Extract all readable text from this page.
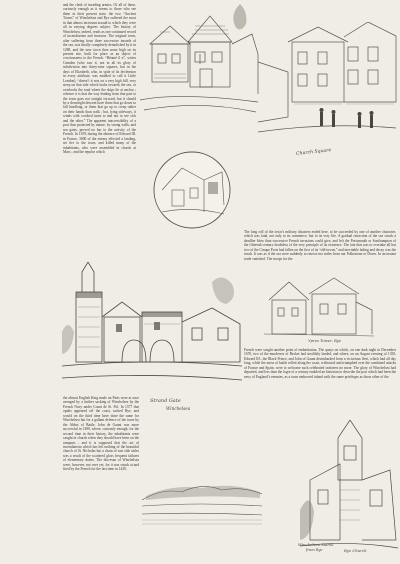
and the clash of invading armies. Of all of these, curiously enough as it seems to those who see them in their present state, the two “Ancient Towns” of Winchelsea and Rye suffered the most in that almost incessant assault to which they were all in varying degrees subject. The history of Winchelsea, indeed, reads as one continued record of incendiarism and invasion. The original town, after suffering from three successive inroads of the sea, was finally completely demolished by it in 1288, and the new town then arose high on its present site, built for place as an object of covetousness to the French. “Bèauté il n”, writes Camden (who saw it, not in all its glory of subdivision into thirty-nine squares, but in the days of Elizabeth, who, in spite of its declension in every attribute, was enabled to call it Little London), “doesn’t it was on a very high hill, very steep on that side which looks towards the sea, or overlooks the road where the ships lie at anchor ; whence it is that the way leading from that part to the town goes not straight forward, but it should by a downright descent have those that go down to fall headlong, or them that go up to creep rather on their hands than walk ; but, lying sideways, it winds with crooked turns to and not to see sick and the other.” The apparent inaccessibility of a post thus protected by nature, by strong walls, and sea gates, proved no bar to the activity of the French. In 1359, during the absence of Edward III. in France, 3000 of the enemy effected a landing, set fire to the town, and killed many of the inhabitants, who were assembled in church at Mass ; and the repulse which	Church Square

The long roll of the town’s military disasters ended here, to be succeeded by one of another character, which was fatal, not only to its commerce, but to its very life. A gradual retraction of the sea struck a deadlier blow than successive French invasions could give, and left the Portsmouth or Southampton of the fifteenth century doubtless of the very principle of its existence. The fate that was to overtake all but two of the Cinque Ports had fallen on the first of its “old-towns,” and inevitable fading and decay was the result. It was as if the sea were suddenly to retreat two miles from our Folkestone or Dover. In an instant trade vanished. The troops for the

Ypres Tower, Rye

French were sought another point of embarkation. The quays on which, on one dark night in December 1670, two of the murderers of Becket had stealthily landed, and where, on an August evening of 1350, Edward III., the Black Prince, and John of Gaunt disembarked from a victorious fleet, which had all day long, while the noise of battle rolled along the coast, withstood and triumphed over the combined attacks of France and Spain, were to welcome such celebrated seafarers no more. The glory of Winchelsea had departed, and less than the logre of a century enabled an historian to describe the port which had been the envy of England’s enemies, as a town embowed inland with the same privileges as those other of the

Strand Gate
Winchelsea

the almost English King made on Paris were at once avenged by a further sacking of Winchelsea by the French Navy under Count de St. Pol. In 1377 that opulis appeared off the coast, sacked Rye, and would on the third time have done the same for Winchelsea but for a gallant defence of the town by the Abbot of Battle. John de Gaunt was more successful in 1380, where, curiously enough, for the second time in their history, the inhabitants were caught in church when they should have been on the ramparts ; and it is supposed that the act of incendiarism which has left nothing of the beautiful church of St. Nicholas but a chain of rust side aisles was a result of the scattered gloss frequent failures of elementary duties. The diocesan of Winchelsea were, however, not over yet, for it was struck at and fired by the French for the last time in 1449,

Winchelsea Marsh
from Rye	Rye Church
